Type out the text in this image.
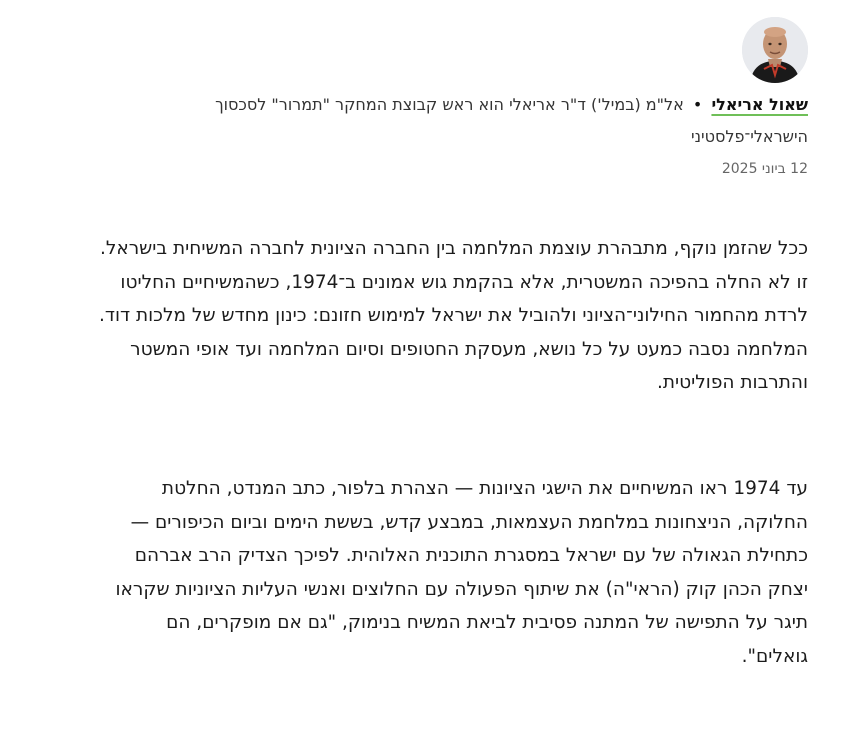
שאול אריאלי • אל"מ (במיל') ד"ר אריאלי הוא ראש קבוצת המחקר "תמרור" לסכסוך הישראלי־פלסטיני
12 ביוני 2025

ככל שהזמן נוקף, מתבהרת עוצמת המלחמה בין החברה הציונית לחברה המשיחית בישראל. זו לא החלה בהפיכה המשטרית, אלא בהקמת גוש אמונים ב־1974, כשהמשיחיים החליטו לרדת מהחמור החילוני־הציוני ולהוביל את ישראל למימוש חזונם: כינון מחדש של מלכות דוד. המלחמה נסבה כמעט על כל נושא, מעסקת החטופים וסיום המלחמה ועד אופי המשטר והתרבות הפוליטית.

עד 1974 ראו המשיחיים את הישגי הציונות — הצהרת בלפור, כתב המנדט, החלטת החלוקה, הניצחונות במלחמת העצמאות, במבצע קדש, בששת הימים וביום הכיפורים — כתחילת הגאולה של עם ישראל במסגרת התוכנית האלוהית. לפיכך הצדיק הרב אברהם יצחק הכהן קוק (הראי"ה) את שיתוף הפעולה עם החלוצים ואנשי העליות הציוניות שקראו תיגר על התפישה של המתנה פסיבית לביאת המשיח בנימוק, "גם אם מופקרים, הם גואלים".
